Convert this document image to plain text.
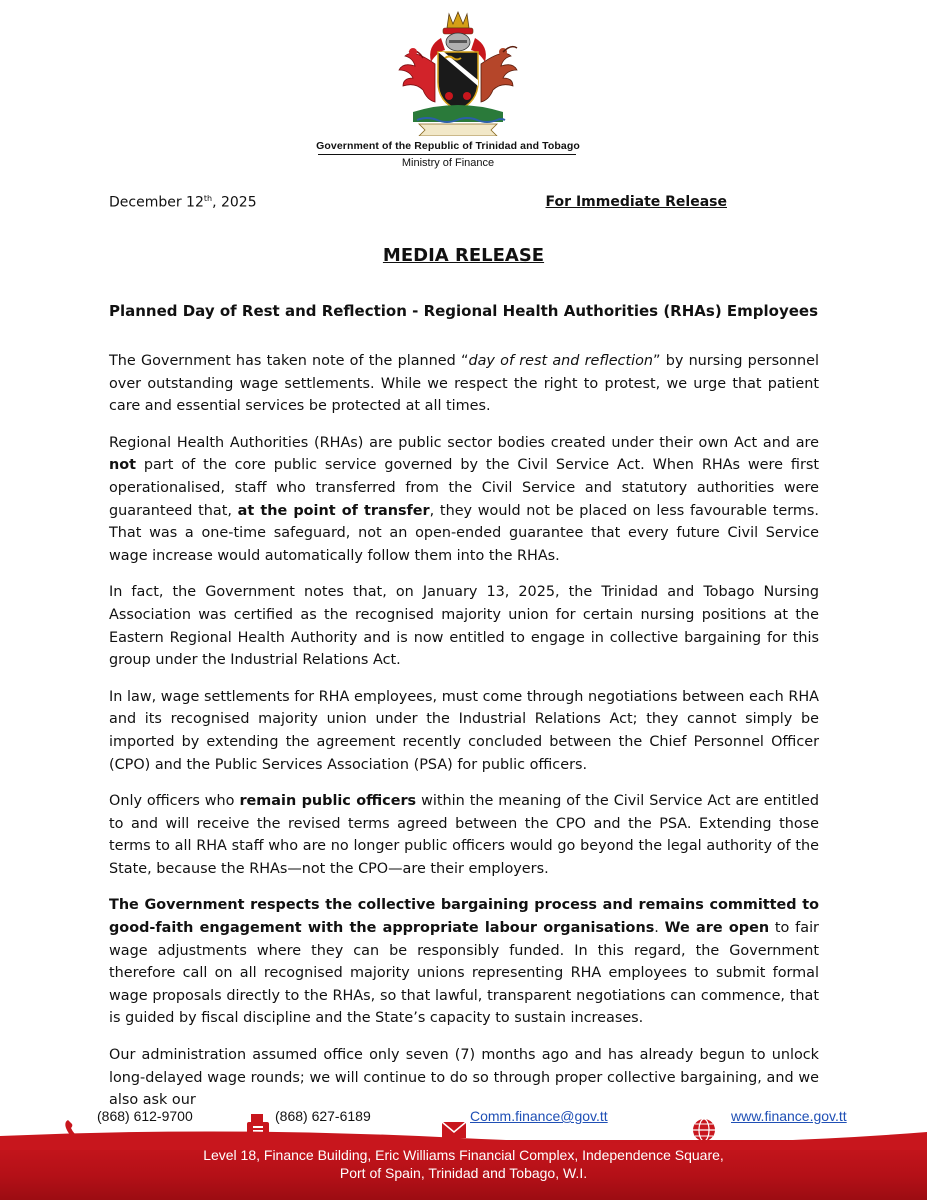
Government of the Republic of Trinidad and Tobago
Ministry of Finance
December 12th, 2025	For Immediate Release
MEDIA RELEASE
Planned Day of Rest and Reflection - Regional Health Authorities (RHAs) Employees

The Government has taken note of the planned “day of rest and reflection” by nursing personnel over outstanding wage settlements. While we respect the right to protest, we urge that patient care and essential services be protected at all times.

Regional Health Authorities (RHAs) are public sector bodies created under their own Act and are not part of the core public service governed by the Civil Service Act. When RHAs were first operationalised, staff who transferred from the Civil Service and statutory authorities were guaranteed that, at the point of transfer, they would not be placed on less favourable terms. That was a one-time safeguard, not an open-ended guarantee that every future Civil Service wage increase would automatically follow them into the RHAs.

In fact, the Government notes that, on January 13, 2025, the Trinidad and Tobago Nursing Association was certified as the recognised majority union for certain nursing positions at the Eastern Regional Health Authority and is now entitled to engage in collective bargaining for this group under the Industrial Relations Act.

In law, wage settlements for RHA employees, must come through negotiations between each RHA and its recognised majority union under the Industrial Relations Act; they cannot simply be imported by extending the agreement recently concluded between the Chief Personnel Officer (CPO) and the Public Services Association (PSA) for public officers.

Only officers who remain public officers within the meaning of the Civil Service Act are entitled to and will receive the revised terms agreed between the CPO and the PSA. Extending those terms to all RHA staff who are no longer public officers would go beyond the legal authority of the State, because the RHAs—not the CPO—are their employers.

The Government respects the collective bargaining process and remains committed to good-faith engagement with the appropriate labour organisations. We are open to fair wage adjustments where they can be responsibly funded. In this regard, the Government therefore call on all recognised majority unions representing RHA employees to submit formal wage proposals directly to the RHAs, so that lawful, transparent negotiations can commence, that is guided by fiscal discipline and the State’s capacity to sustain increases.

Our administration assumed office only seven (7) months ago and has already begun to unlock long-delayed wage rounds; we will continue to do so through proper collective bargaining, and we also ask our

(868) 612-9700	(868) 627-6189	Comm.finance@gov.tt	www.finance.gov.tt
Level 18, Finance Building, Eric Williams Financial Complex, Independence Square,
Port of Spain, Trinidad and Tobago, W.I.
